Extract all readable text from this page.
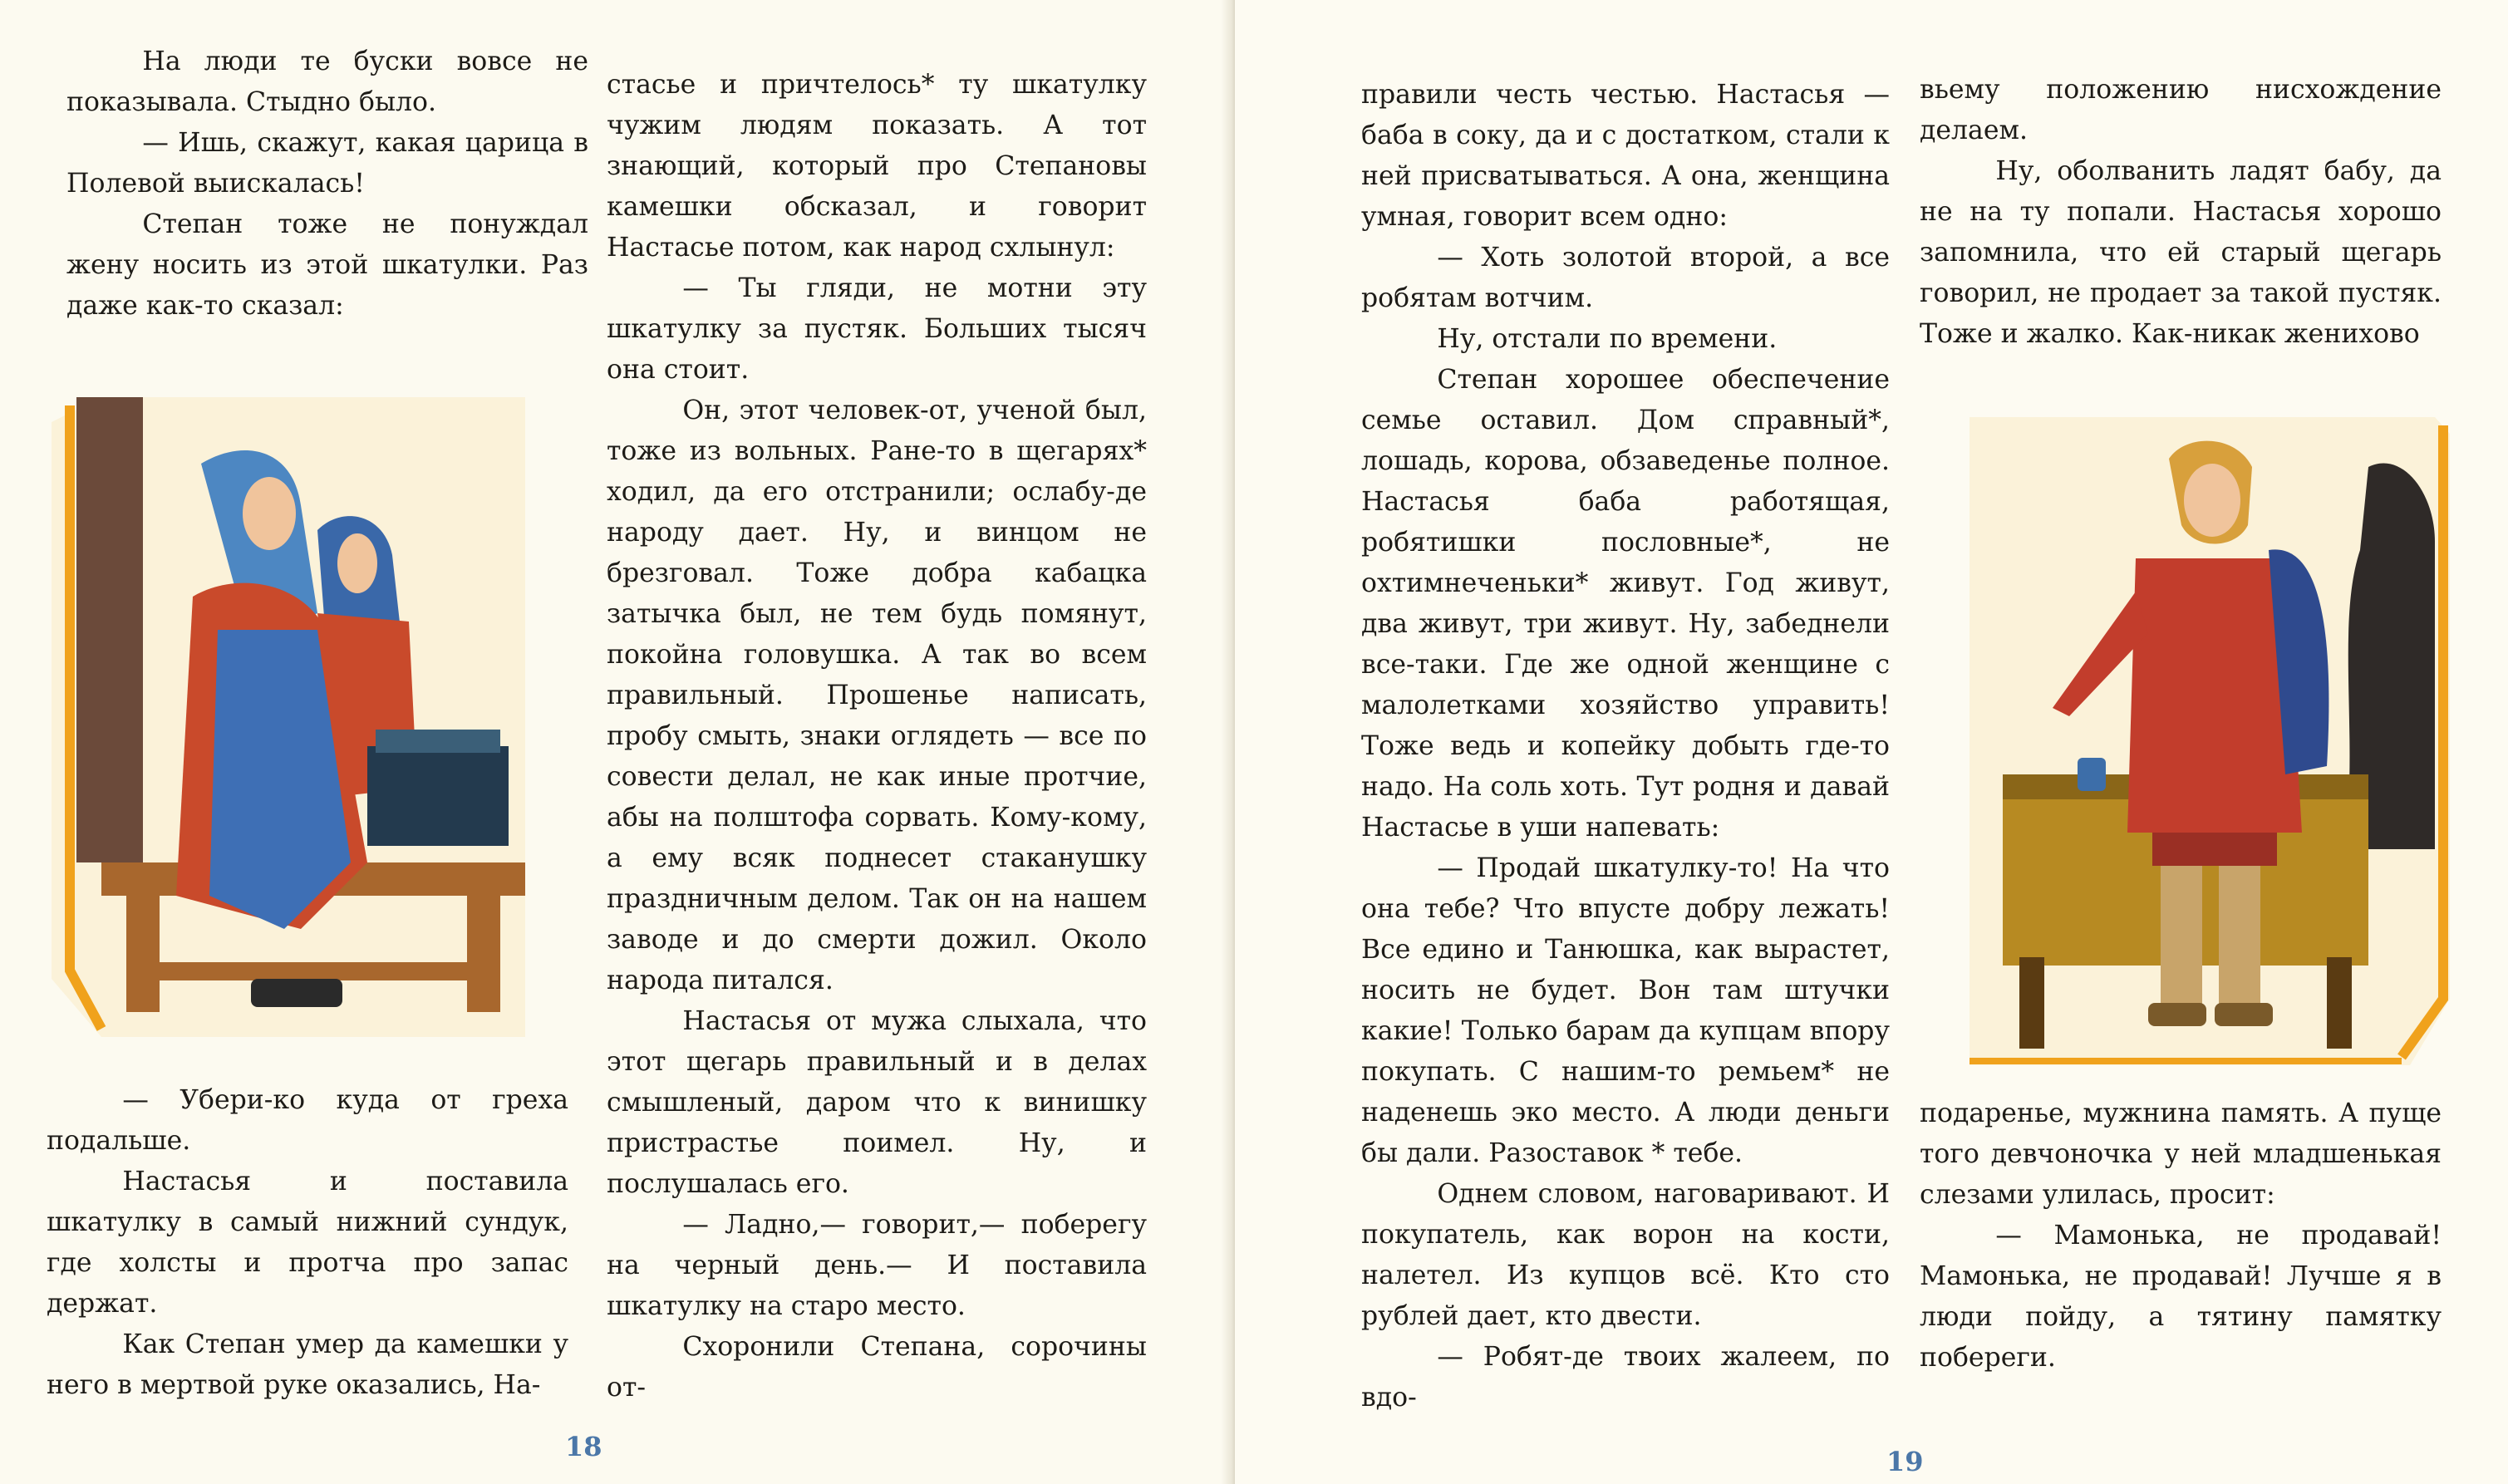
На люди те буски вовсе не показывала. Стыдно было.

— Ишь, скажут, какая царица в Полевой выискалась!

Степан тоже не понуждал жену носить из этой шкатулки. Раз даже как-то сказал:

— Убери-ко куда от греха подальше.

Настасья и поставила шкатулку в самый нижний сундук, где холсты и протча про запас держат.

Как Степан умер да камешки у него в мертвой руке оказались, На-

стасье и причтелось* ту шкатулку чужим людям показать. А тот знающий, который про Степановы камешки обсказал, и говорит Настасье потом, как народ схлынул:

— Ты гляди, не мотни эту шкатулку за пустяк. Больших тысяч она стоит.

Он, этот человек-от, ученой был, тоже из вольных. Ране-то в щегарях* ходил, да его отстранили; ослабу-де народу дает. Ну, и винцом не брезговал. Тоже добра кабацка затычка был, не тем будь помянут, покойна головушка. А так во всем правильный. Прошенье написать, пробу смыть, знаки оглядеть — все по совести делал, не как иные протчие, абы на полштофа сорвать. Кому-кому, а ему всяк поднесет стаканушку праздничным делом. Так он на нашем заводе и до смерти дожил. Около народа питался.

Настасья от мужа слыхала, что этот щегарь правильный и в делах смышленый, даром что к винишку пристрастье поимел. Ну, и послушалась его.

— Ладно,— говорит,— поберегу на черный день.— И поставила шкатулку на старо место.

Схоронили Степана, сорочины от-

18

правили честь честью. Настасья — баба в соку, да и с достатком, стали к ней присватываться. А она, женщина умная, говорит всем одно:

— Хоть золотой второй, а все робятам вотчим.

Ну, отстали по времени.

Степан хорошее обеспечение семье оставил. Дом справный*, лошадь, корова, обзаведенье полное. Настасья баба работящая, робятишки пословные*, не охтимнеченьки* живут. Год живут, два живут, три живут. Ну, забеднели все-таки. Где же одной женщине с малолетками хозяйство управить! Тоже ведь и копейку добыть где-то надо. На соль хоть. Тут родня и давай Настасье в уши напевать:

— Продай шкатулку-то! На что она тебе? Что впусте добру лежать! Все едино и Танюшка, как вырастет, носить не будет. Вон там штучки какие! Только барам да купцам впору покупать. С нашим-то ремьем* не наденешь эко место. А люди деньги бы дали. Разоставок * тебе.

Однем словом, наговаривают. И покупатель, как ворон на кости, налетел. Из купцов всё. Кто сто рублей дает, кто двести.

— Робят-де твоих жалеем, по вдо-

вьему положению нисхождение делаем.

Ну, оболванить ладят бабу, да не на ту попали. Настасья хорошо запомнила, что ей старый щегарь говорил, не продает за такой пустяк. Тоже и жалко. Как-никак женихово

подаренье, мужнина память. А пуще того девчоночка у ней младшенькая слезами улилась, просит:

— Мамонька, не продавай! Мамонька, не продавай! Лучше я в люди пойду, а тятину памятку побереги.

19
